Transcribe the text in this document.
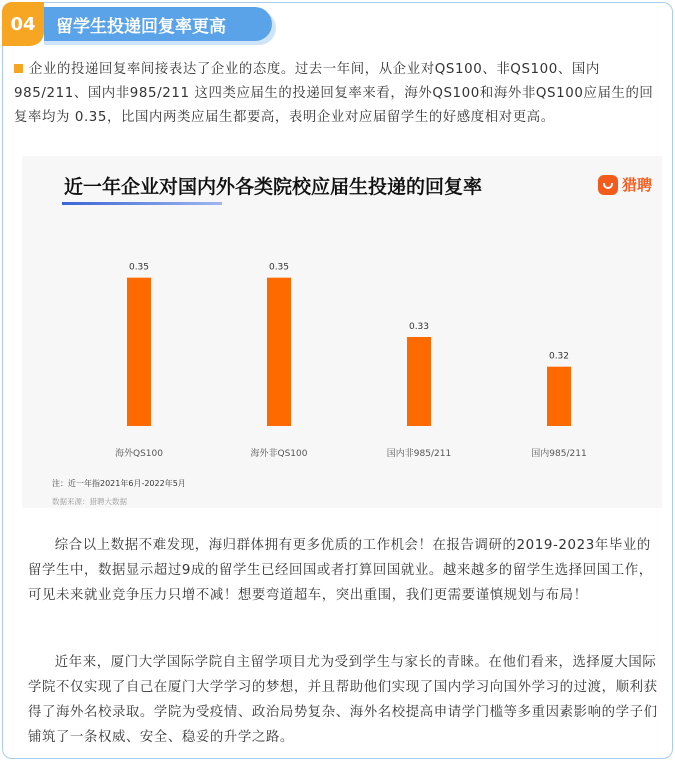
留学生投递回复率更高
04
企业的投递回复率间接表达了企业的态度。过去一年间，从企业对QS100、非QS100、国内985/211、国内非985/211 这四类应届生的投递回复率来看，海外QS100和海外非QS100应届生的回复率均为 0.35，比国内两类应届生都要高，表明企业对应届留学生的好感度相对更高。
近一年企业对国内外各类院校应届生投递的回复率	猎聘
0.35
海外QS100
0.35
海外非QS100
0.33
国内非985/211
0.32
国内985/211
注：近一年指2021年6月-2022年5月
数据来源：猎聘大数据
综合以上数据不难发现，海归群体拥有更多优质的工作机会！在报告调研的2019-2023年毕业的留学生中，数据显示超过9成的留学生已经回国或者打算回国就业。越来越多的留学生选择回国工作，可见未来就业竞争压力只增不减！想要弯道超车，突出重围，我们更需要谨慎规划与布局！
近年来，厦门大学国际学院自主留学项目尤为受到学生与家长的青睐。在他们看来，选择厦大国际学院不仅实现了自己在厦门大学学习的梦想，并且帮助他们实现了国内学习向国外学习的过渡，顺利获得了海外名校录取。学院为受疫情、政治局势复杂、海外名校提高申请学门槛等多重因素影响的学子们铺筑了一条权威、安全、稳妥的升学之路。
